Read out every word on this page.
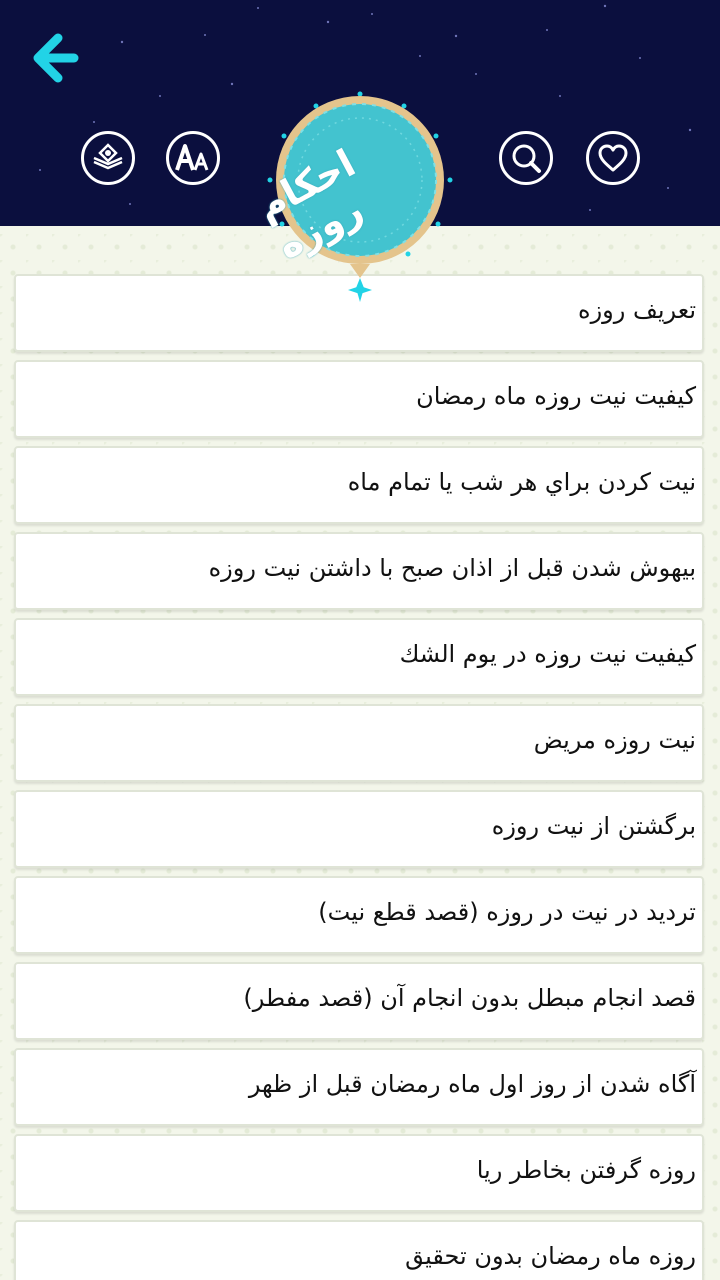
احکام روزه
تعريف روزه
كيفيت نيت روزه ماه رمضان
نيت كردن براي هر شب يا تمام ماه
بيهوش شدن قبل از اذان صبح با داشتن نيت روزه
كيفيت نيت روزه در يوم الشك
نيت روزه مريض
برگشتن از نيت روزه
ترديد در نيت در روزه (قصد قطع نيت)
قصد انجام مبطل بدون انجام آن (قصد مفطر)
آگاه شدن از روز اول ماه رمضان قبل از ظهر
روزه گرفتن بخاطر ريا
روزه ماه رمضان بدون تحقيق
